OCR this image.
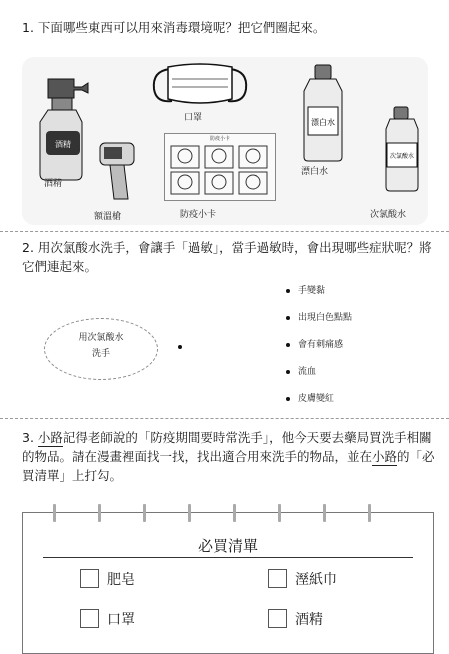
1. 下面哪些東西可以用來消毒環境呢？把它們圈起來。

酒精
酒精
額溫槍
口罩
防疫小卡
防疫小卡
漂白水
漂白水
次氯酸水
次氯酸水

2. 用次氯酸水洗手，會讓手「過敏」，當手過敏時，會出現哪些症狀呢？將它們連起來。

用次氯酸水
洗手
手變黏
出現白色點點
會有刺痛感
流血
皮膚變紅

3. 小路記得老師說的「防疫期間要時常洗手」，他今天要去藥局買洗手相關的物品。請在漫畫裡面找一找，找出適合用來洗手的物品，並在小路的「必買清單」上打勾。

必買清單
肥皂	溼紙巾
口罩	酒精
